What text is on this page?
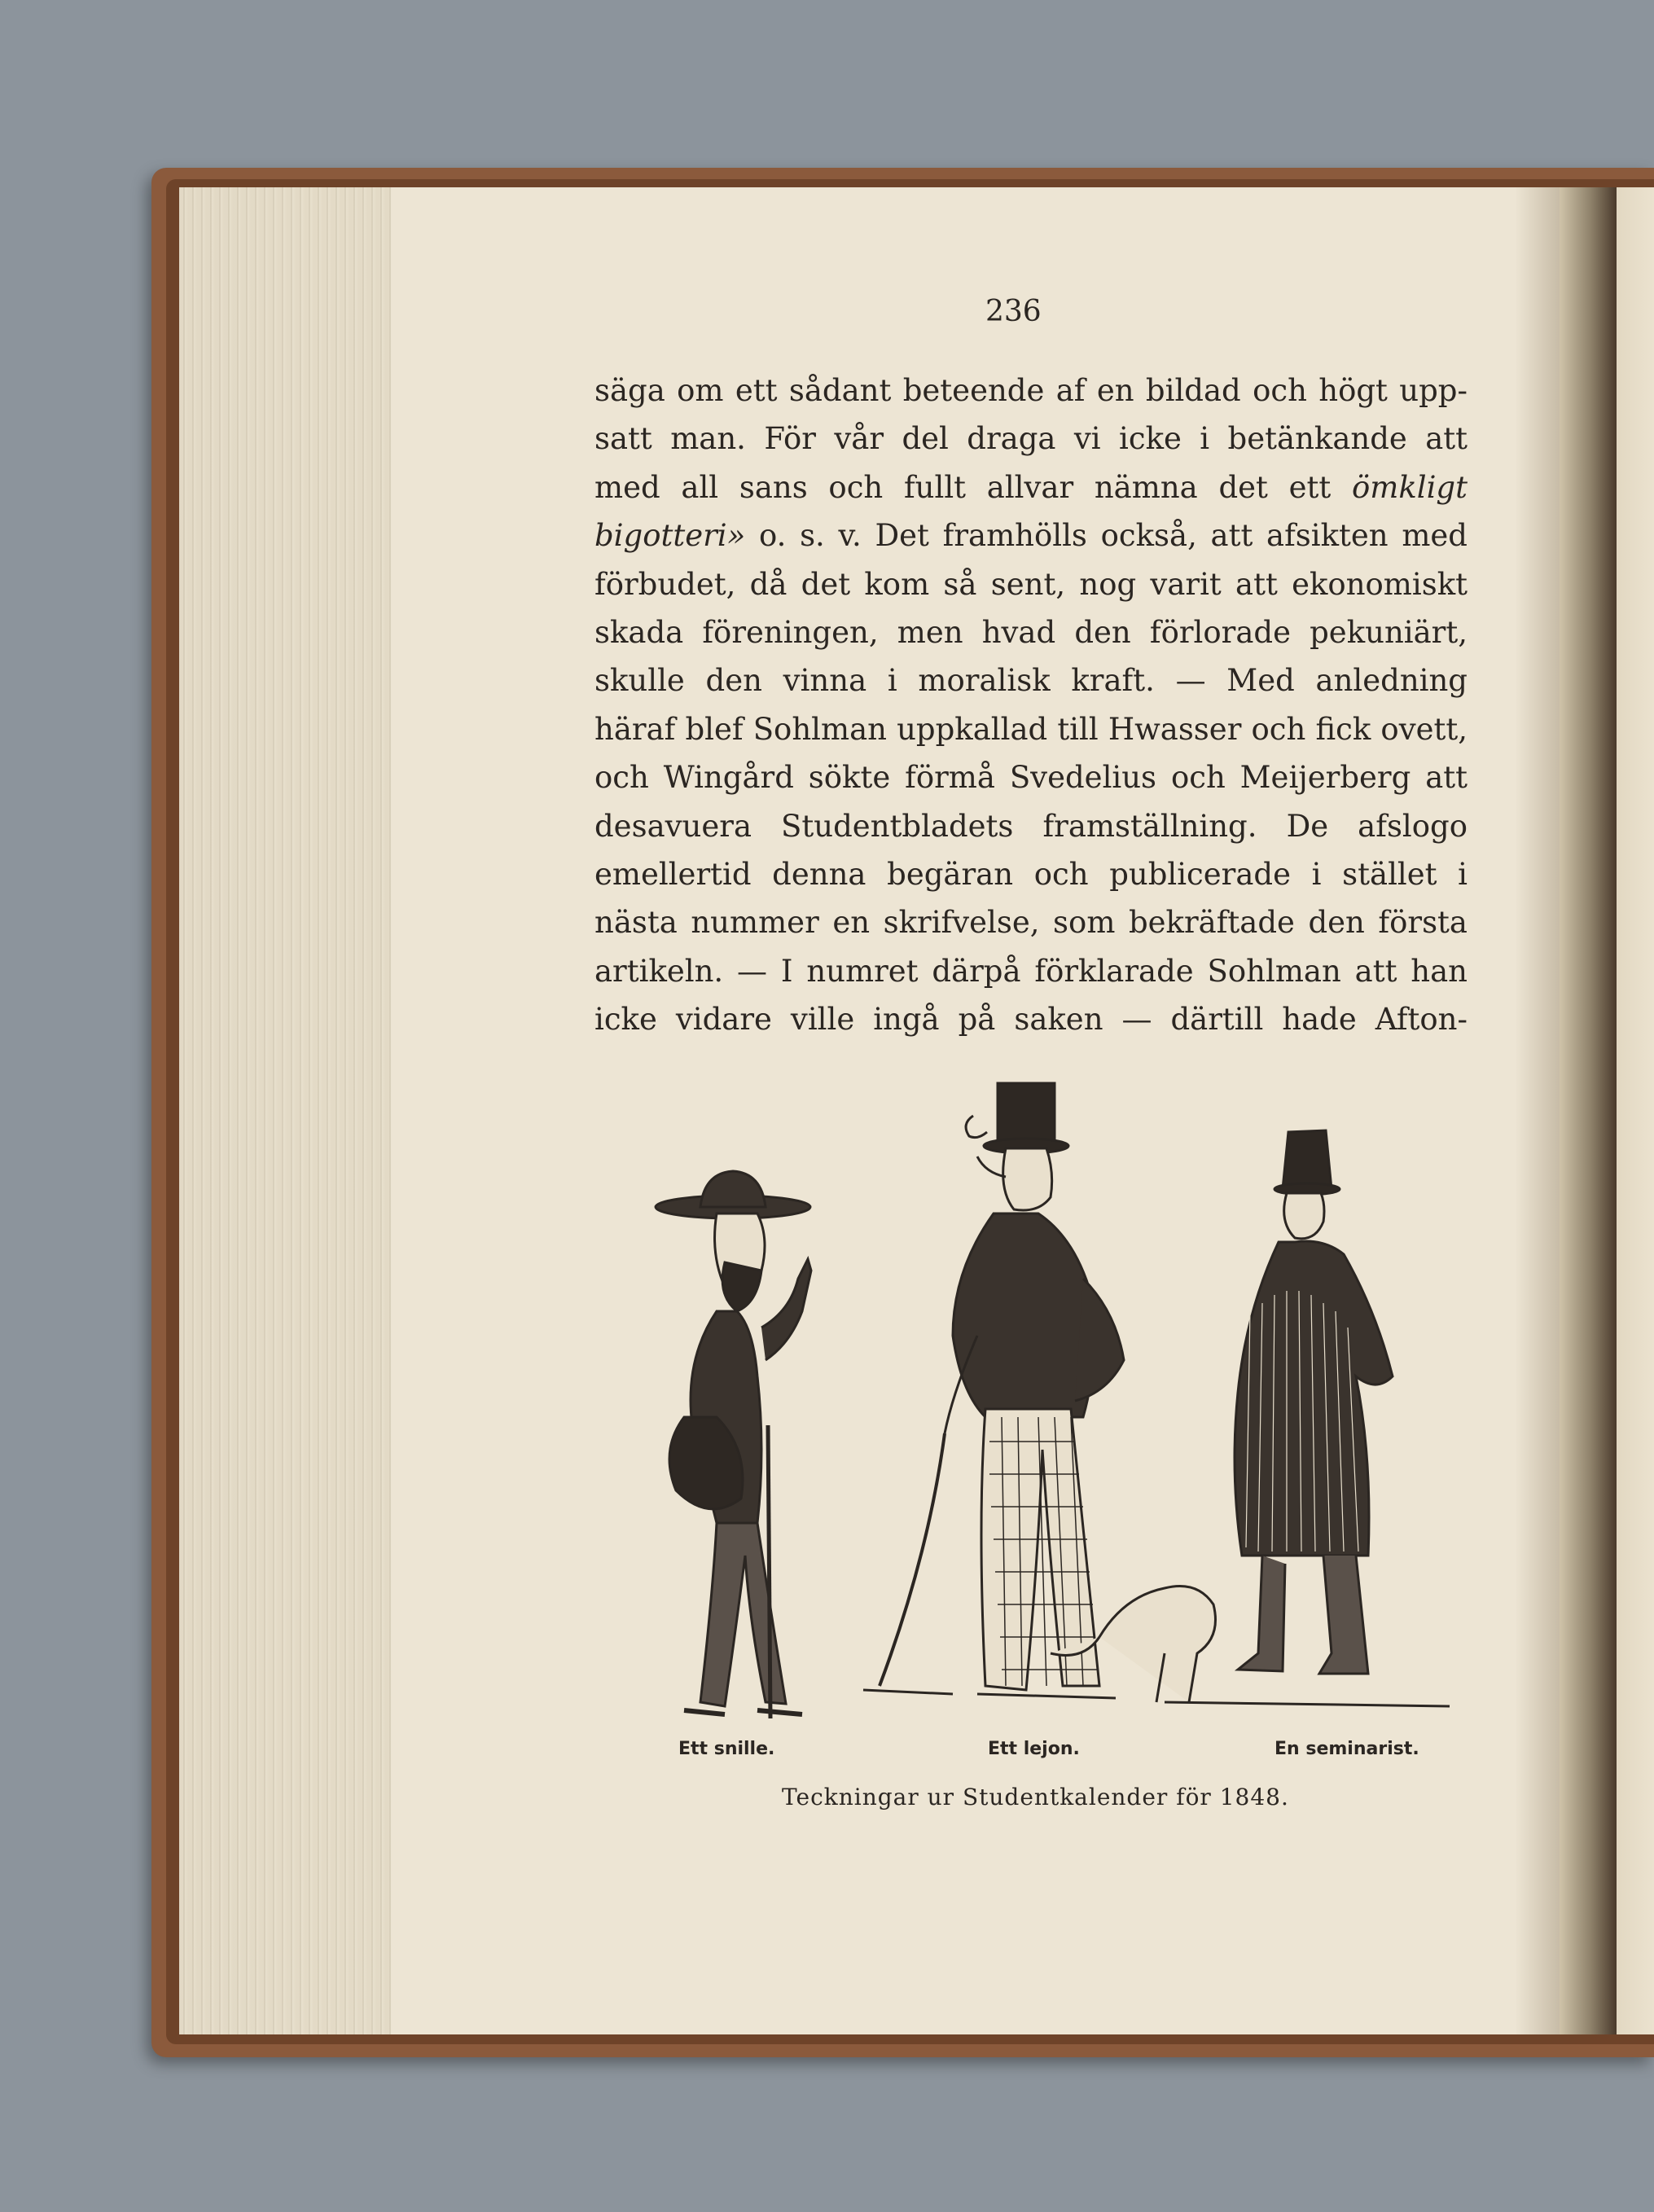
236
säga om ett sådant beteende af en bildad och högt upp-
satt man. För vår del draga vi icke i betänkande att
med all sans och fullt allvar nämna det ett ömkligt
bigotteri» o. s. v. Det framhölls också, att afsikten med
förbudet, då det kom så sent, nog varit att ekonomiskt
skada föreningen, men hvad den förlorade pekuniärt,
skulle den vinna i moralisk kraft. — Med anledning
häraf blef Sohlman uppkallad till Hwasser och fick ovett,
och Wingård sökte förmå Svedelius och Meijerberg att
desavuera Studentbladets framställning. De afslogo
emellertid denna begäran och publicerade i stället i
nästa nummer en skrifvelse, som bekräftade den första
artikeln. — I numret därpå förklarade Sohlman att han
icke vidare ville ingå på saken — därtill hade Afton-
Ett snille.	Ett lejon.	En seminarist.
Teckningar ur Studentkalender för 1848.
